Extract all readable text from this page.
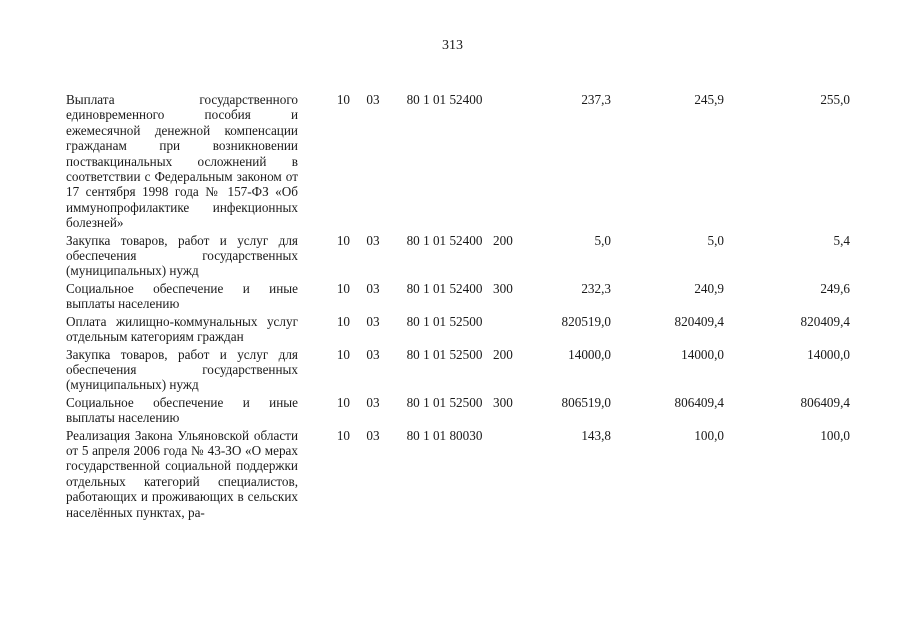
313
Выплата государственного единовременного пособия и ежемесячной денежной компенсации гражданам при возникновении поствакцинальных осложнений в соответствии с Федеральным законом от 17 сентября 1998 года № 157-ФЗ «Об иммунопрофилактике инфекционных болезней»	10	03	80 1 01 52400		237,3	245,9	255,0
Закупка товаров, работ и услуг для обеспечения государственных (муниципальных) нужд	10	03	80 1 01 52400	200	5,0	5,0	5,4
Социальное обеспечение и иные выплаты населению	10	03	80 1 01 52400	300	232,3	240,9	249,6
Оплата жилищно-коммунальных услуг отдельным категориям граждан	10	03	80 1 01 52500		820519,0	820409,4	820409,4
Закупка товаров, работ и услуг для обеспечения государственных (муниципальных) нужд	10	03	80 1 01 52500	200	14000,0	14000,0	14000,0
Социальное обеспечение и иные выплаты населению	10	03	80 1 01 52500	300	806519,0	806409,4	806409,4
Реализация Закона Ульяновской области от 5 апреля 2006 года № 43-ЗО «О мерах государственной социальной поддержки отдельных категорий специалистов, работающих и проживающих в сельских населённых пунктах, ра-	10	03	80 1 01 80030		143,8	100,0	100,0
